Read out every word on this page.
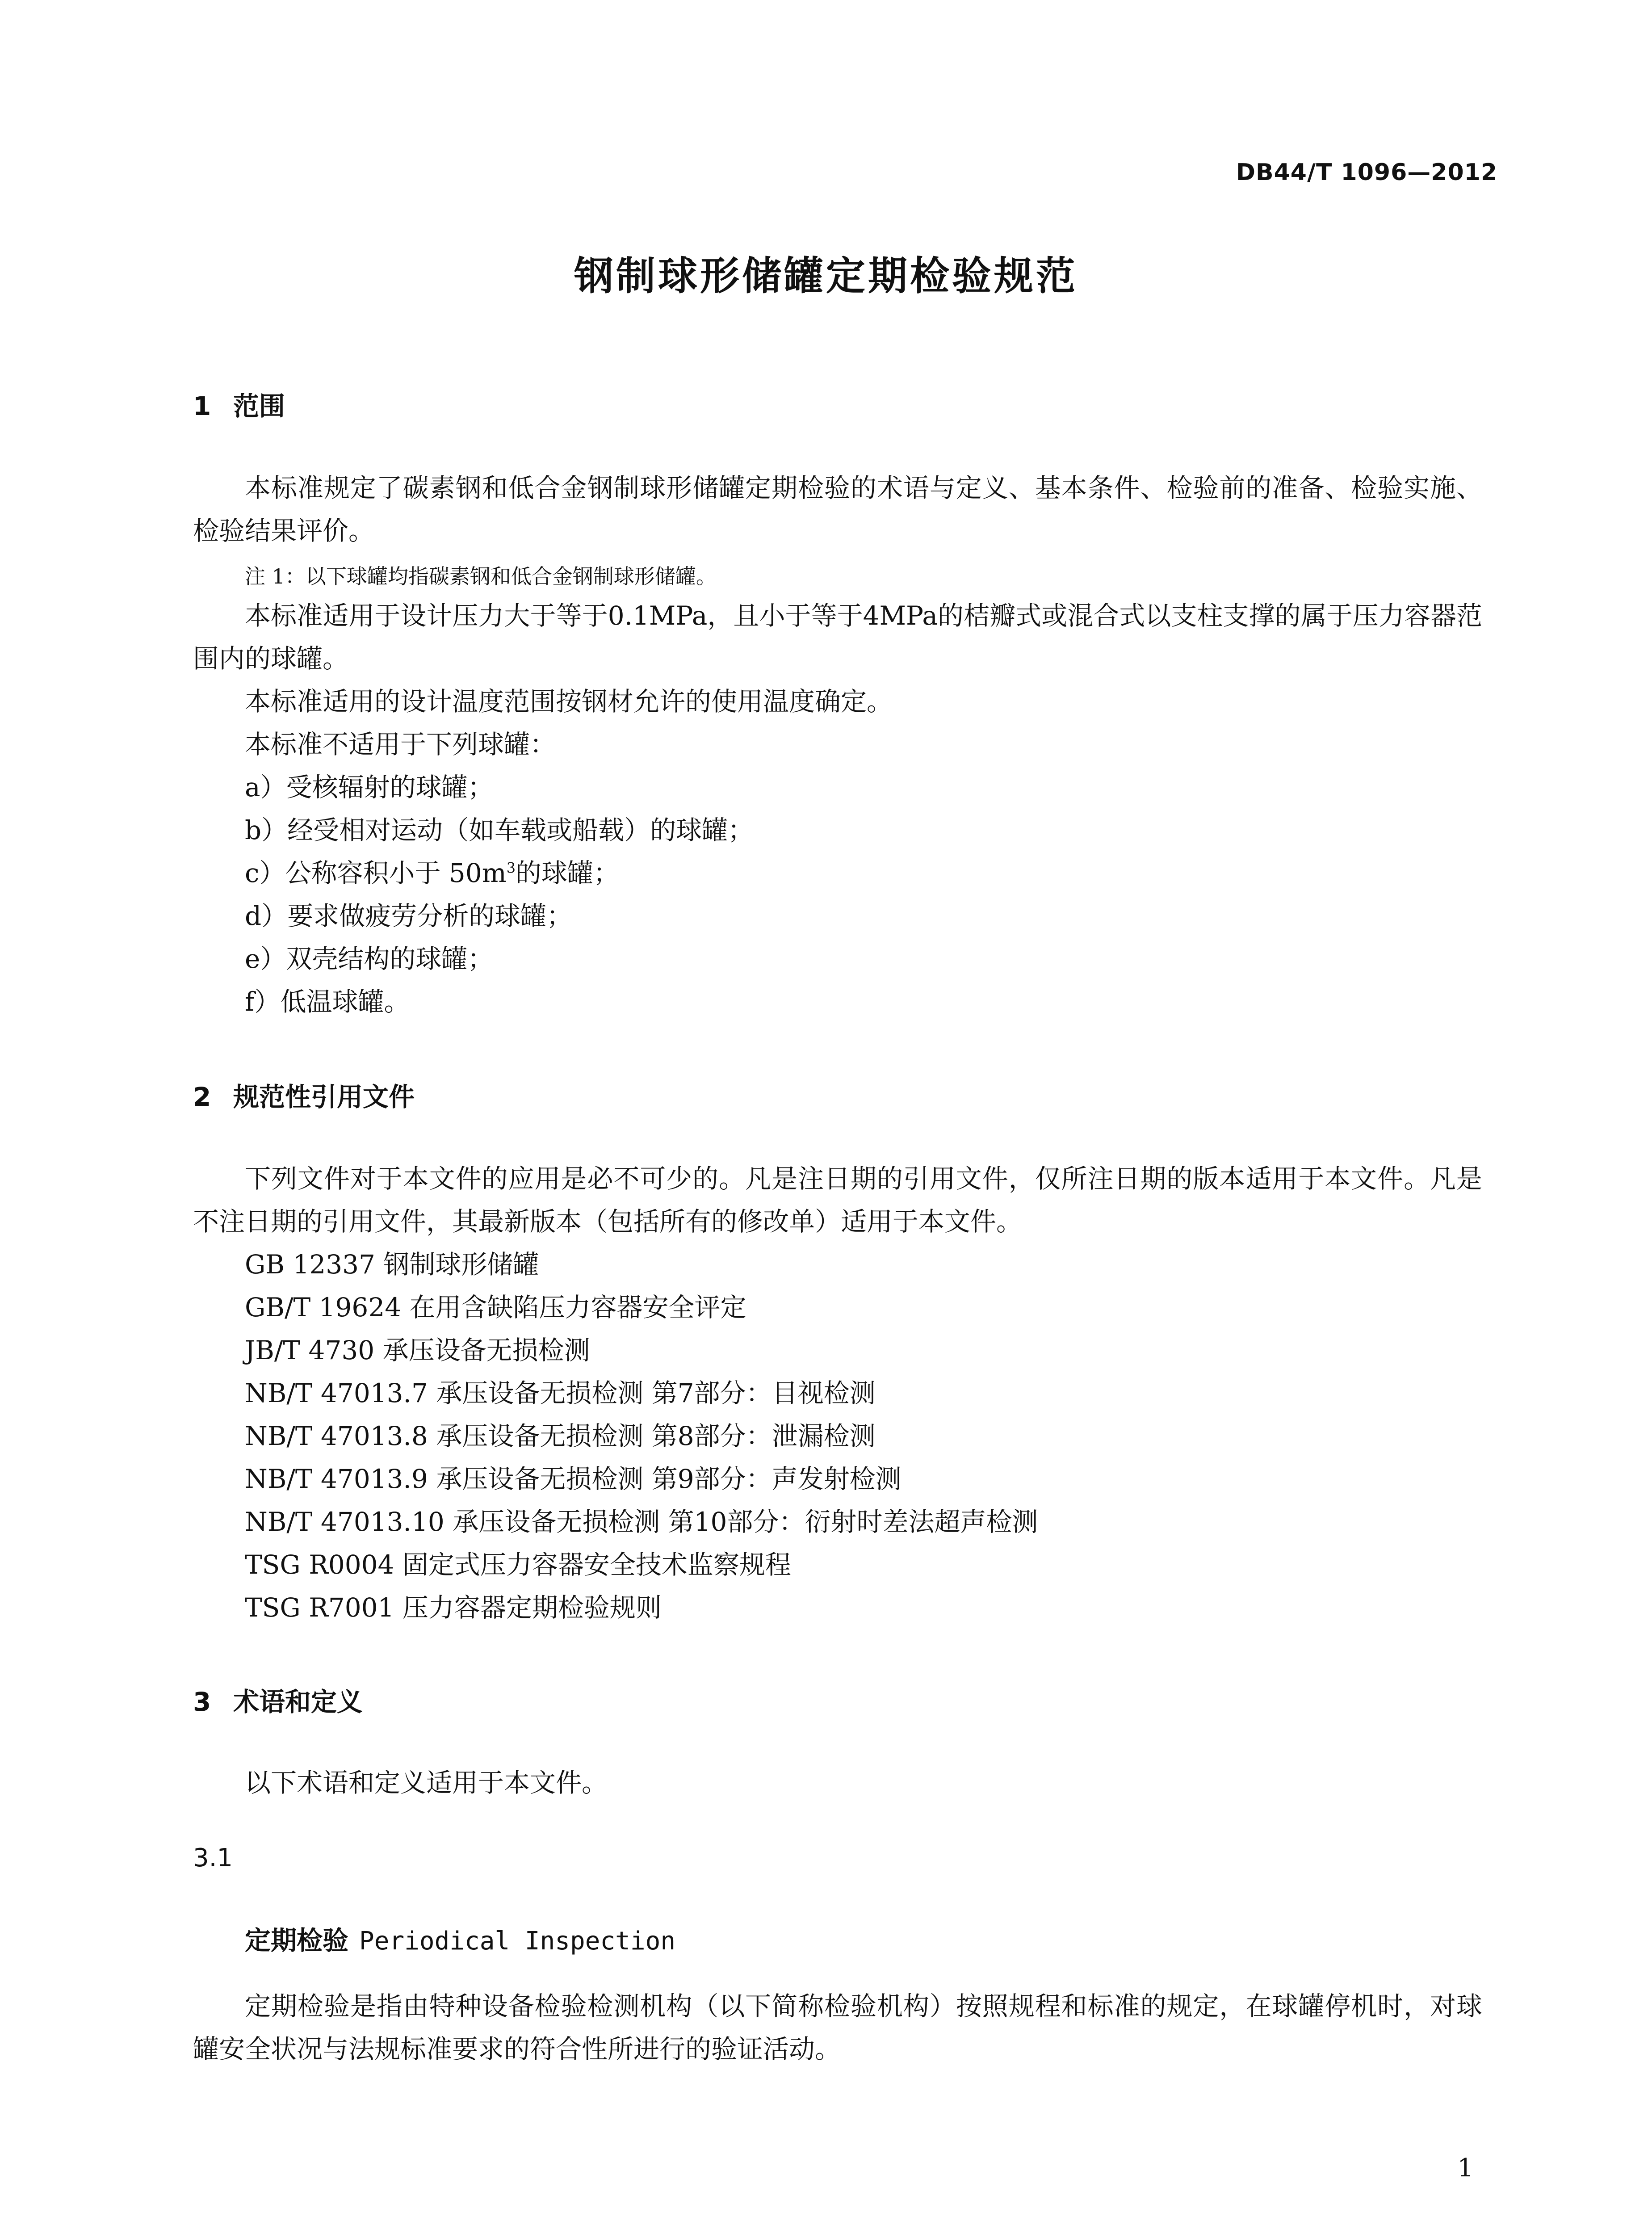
DB44/T 1096—2012
钢制球形储罐定期检验规范
1 范围

本标准规定了碳素钢和低合金钢制球形储罐定期检验的术语与定义、基本条件、检验前的准备、检验实施、检验结果评价。

注 1：以下球罐均指碳素钢和低合金钢制球形储罐。

本标准适用于设计压力大于等于0.1MPa，且小于等于4MPa的桔瓣式或混合式以支柱支撑的属于压力容器范围内的球罐。

本标准适用的设计温度范围按钢材允许的使用温度确定。
本标准不适用于下列球罐：
a）受核辐射的球罐；
b）经受相对运动（如车载或船载）的球罐；
c）公称容积小于 $50m^3$的球罐；
d）要求做疲劳分析的球罐；
e）双壳结构的球罐；
f）低温球罐。
2 规范性引用文件

下列文件对于本文件的应用是必不可少的。凡是注日期的引用文件，仅所注日期的版本适用于本文件。凡是不注日期的引用文件，其最新版本（包括所有的修改单）适用于本文件。

GB 12337 钢制球形储罐
GB/T 19624 在用含缺陷压力容器安全评定
JB/T 4730 承压设备无损检测
NB/T 47013.7 承压设备无损检测 第7部分：目视检测
NB/T 47013.8 承压设备无损检测 第8部分：泄漏检测
NB/T 47013.9 承压设备无损检测 第9部分：声发射检测
NB/T 47013.10 承压设备无损检测 第10部分：衍射时差法超声检测
TSG R0004 固定式压力容器安全技术监察规程
TSG R7001 压力容器定期检验规则
3 术语和定义
以下术语和定义适用于本文件。
3.1
定期检验 Periodical Inspection

定期检验是指由特种设备检验检测机构（以下简称检验机构）按照规程和标准的规定，在球罐停机时，对球罐安全状况与法规标准要求的符合性所进行的验证活动。

1
